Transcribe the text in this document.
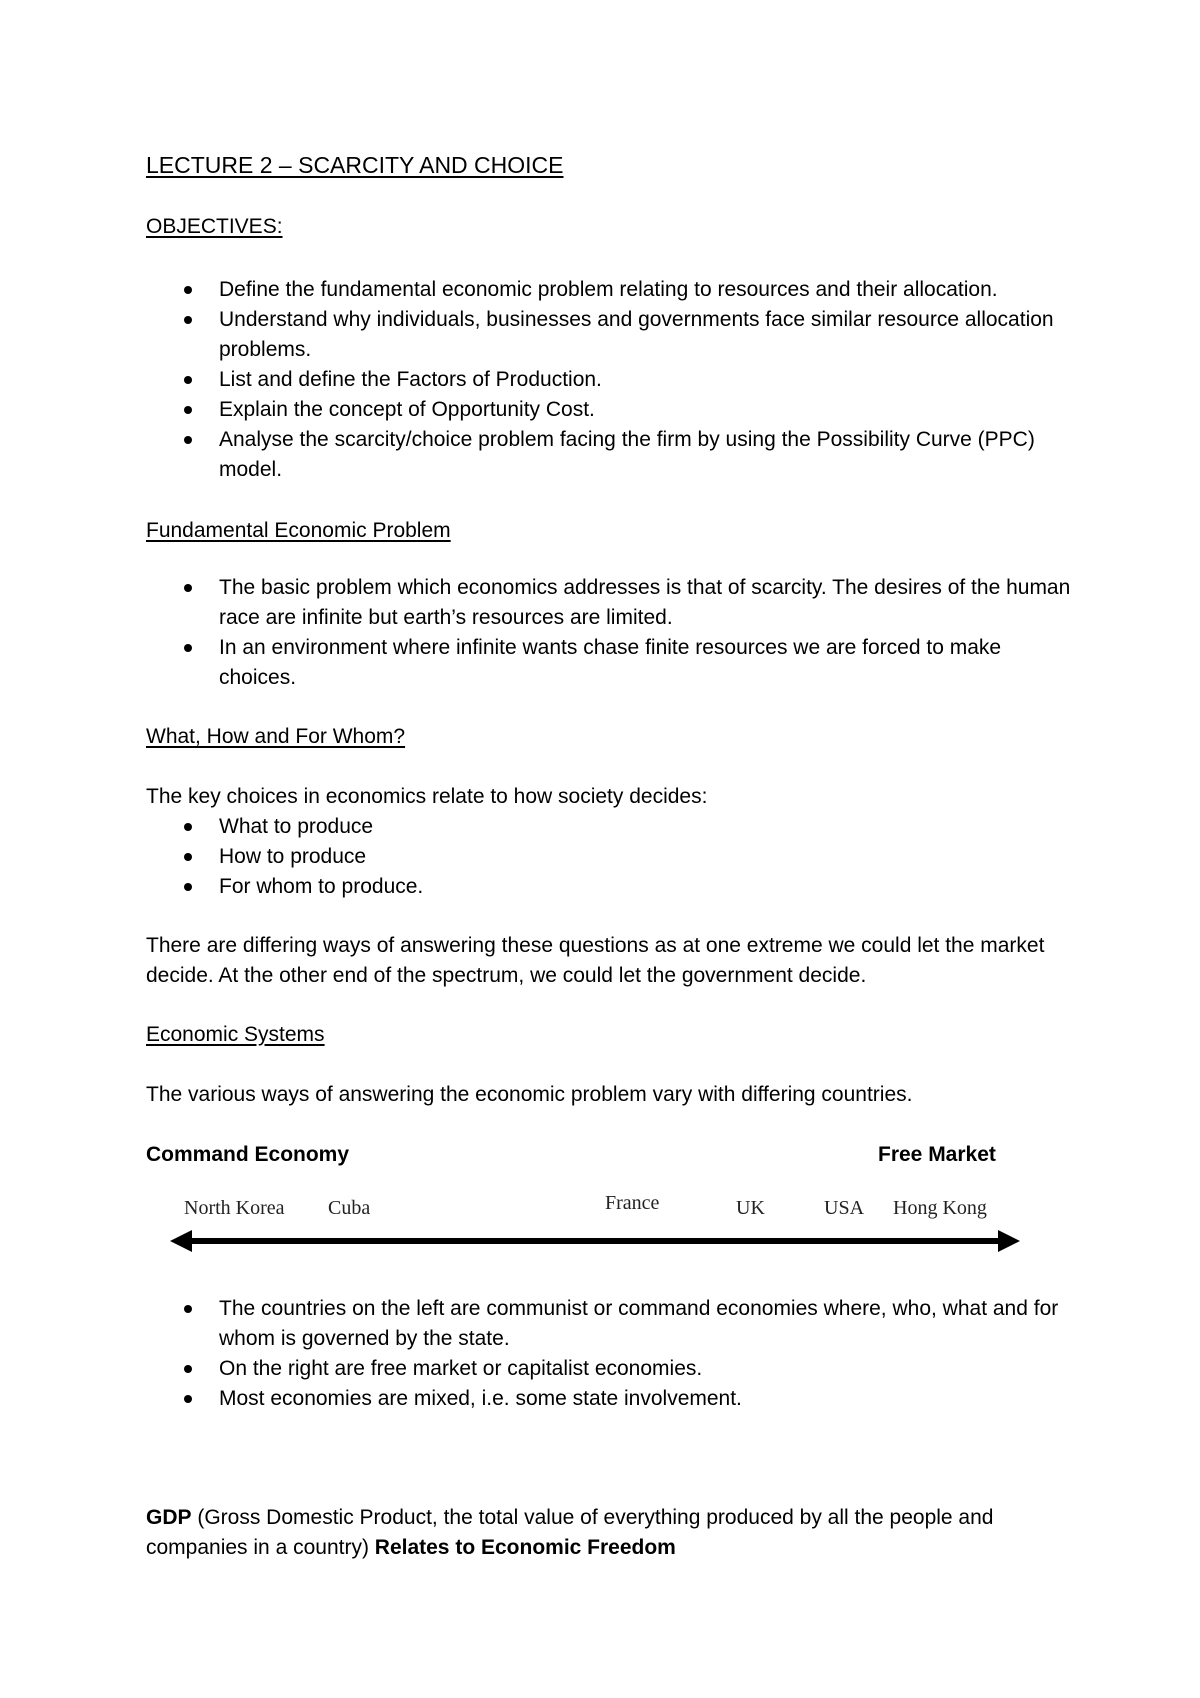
LECTURE 2 – SCARCITY AND CHOICE
OBJECTIVES:
Define the fundamental economic problem relating to resources and their allocation.
Understand why individuals, businesses and governments face similar resource allocation problems.
List and define the Factors of Production.
Explain the concept of Opportunity Cost.
Analyse the scarcity/choice problem facing the firm by using the Possibility Curve (PPC) model.
Fundamental Economic Problem
The basic problem which economics addresses is that of scarcity. The desires of the human race are infinite but earth’s resources are limited.
In an environment where infinite wants chase finite resources we are forced to make choices.
What, How and For Whom?
The key choices in economics relate to how society decides:
What to produce
How to produce
For whom to produce.
There are differing ways of answering these questions as at one extreme we could let the market decide. At the other end of the spectrum, we could let the government decide.
Economic Systems
The various ways of answering the economic problem vary with differing countries.
Command Economy	Free Market
North Korea Cuba	France	UK	USA Hong Kong
The countries on the left are communist or command economies where, who, what and for whom is governed by the state.
On the right are free market or capitalist economies.
Most economies are mixed, i.e. some state involvement.
GDP (Gross Domestic Product, the total value of everything produced by all the people and companies in a country) Relates to Economic Freedom
